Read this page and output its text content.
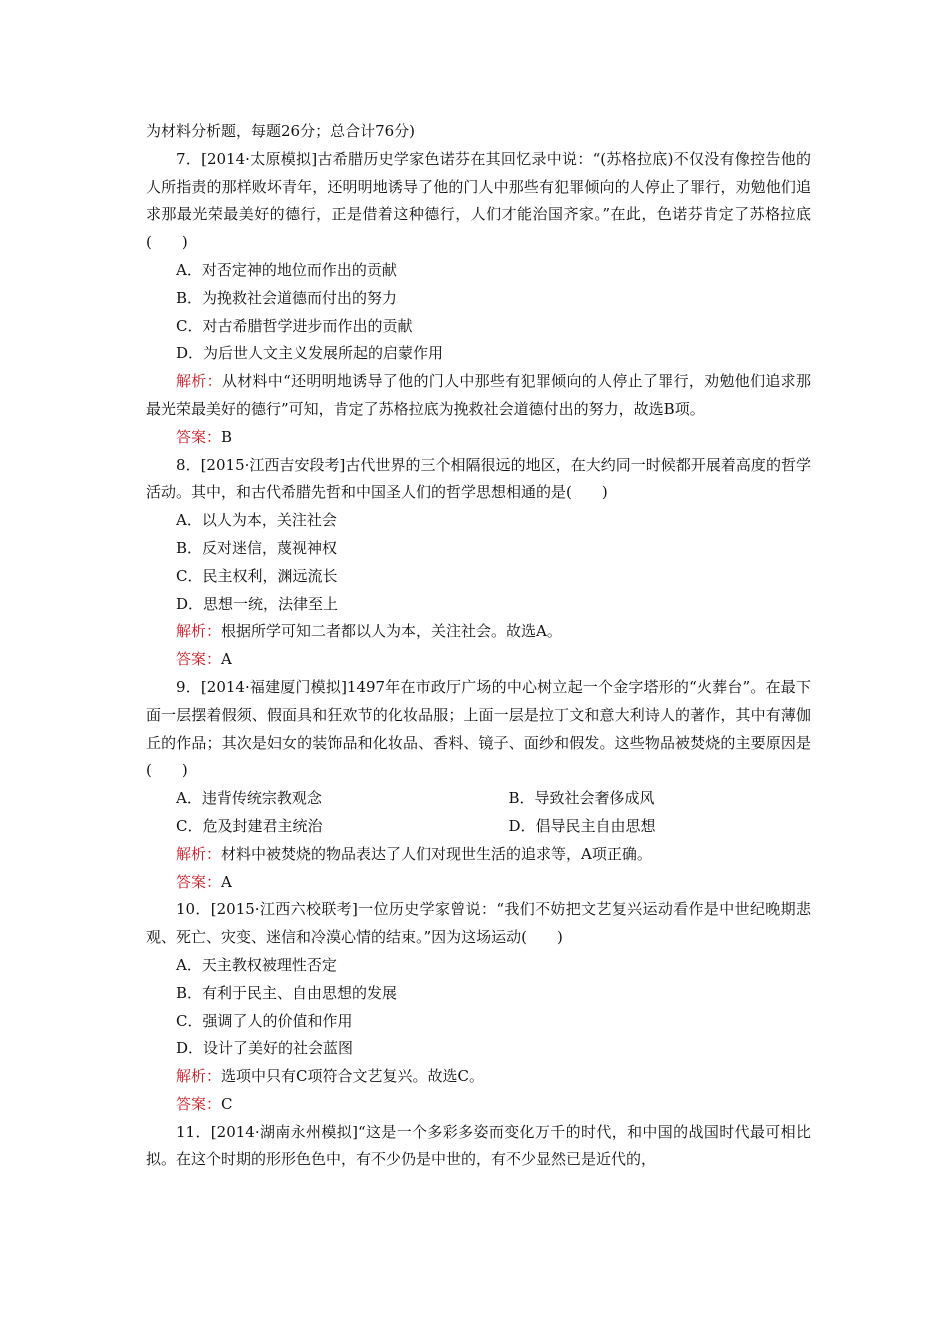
为材料分析题，每题26分；总合计76分)

7．[2014·太原模拟]古希腊历史学家色诺芬在其回忆录中说：“(苏格拉底)不仅没有像控告他的人所指责的那样败坏青年，还明明地诱导了他的门人中那些有犯罪倾向的人停止了罪行，劝勉他们追求那最光荣最美好的德行，正是借着这种德行，人们才能治国齐家。”在此，色诺芬肯定了苏格拉底(　　)

A．对否定神的地位而作出的贡献

B．为挽救社会道德而付出的努力

C．对古希腊哲学进步而作出的贡献

D．为后世人文主义发展所起的启蒙作用

解析：从材料中“还明明地诱导了他的门人中那些有犯罪倾向的人停止了罪行，劝勉他们追求那最光荣最美好的德行”可知，肯定了苏格拉底为挽救社会道德付出的努力，故选B项。

答案：B

8．[2015·江西吉安段考]古代世界的三个相隔很远的地区，在大约同一时候都开展着高度的哲学活动。其中，和古代希腊先哲和中国圣人们的哲学思想相通的是(　　)

A．以人为本，关注社会

B．反对迷信，蔑视神权

C．民主权利，渊远流长

D．思想一统，法律至上

解析：根据所学可知二者都以人为本，关注社会。故选A。

答案：A

9．[2014·福建厦门模拟]1497年在市政厅广场的中心树立起一个金字塔形的“火葬台”。在最下面一层摆着假须、假面具和狂欢节的化妆品服；上面一层是拉丁文和意大利诗人的著作，其中有薄伽丘的作品；其次是妇女的装饰品和化妆品、香料、镜子、面纱和假发。这些物品被焚烧的主要原因是(　　)

A．违背传统宗教观念	B．导致社会奢侈成风
C．危及封建君主统治	D．倡导民主自由思想

解析：材料中被焚烧的物品表达了人们对现世生活的追求等，A项正确。

答案：A

10．[2015·江西六校联考]一位历史学家曾说：“我们不妨把文艺复兴运动看作是中世纪晚期悲观、死亡、灾变、迷信和冷漠心情的结束。”因为这场运动(　　)

A．天主教权被理性否定

B．有利于民主、自由思想的发展

C．强调了人的价值和作用

D．设计了美好的社会蓝图

解析：选项中只有C项符合文艺复兴。故选C。

答案：C

11．[2014·湖南永州模拟]“这是一个多彩多姿而变化万千的时代，和中国的战国时代最可相比拟。在这个时期的形形色色中，有不少仍是中世的，有不少显然已是近代的，
